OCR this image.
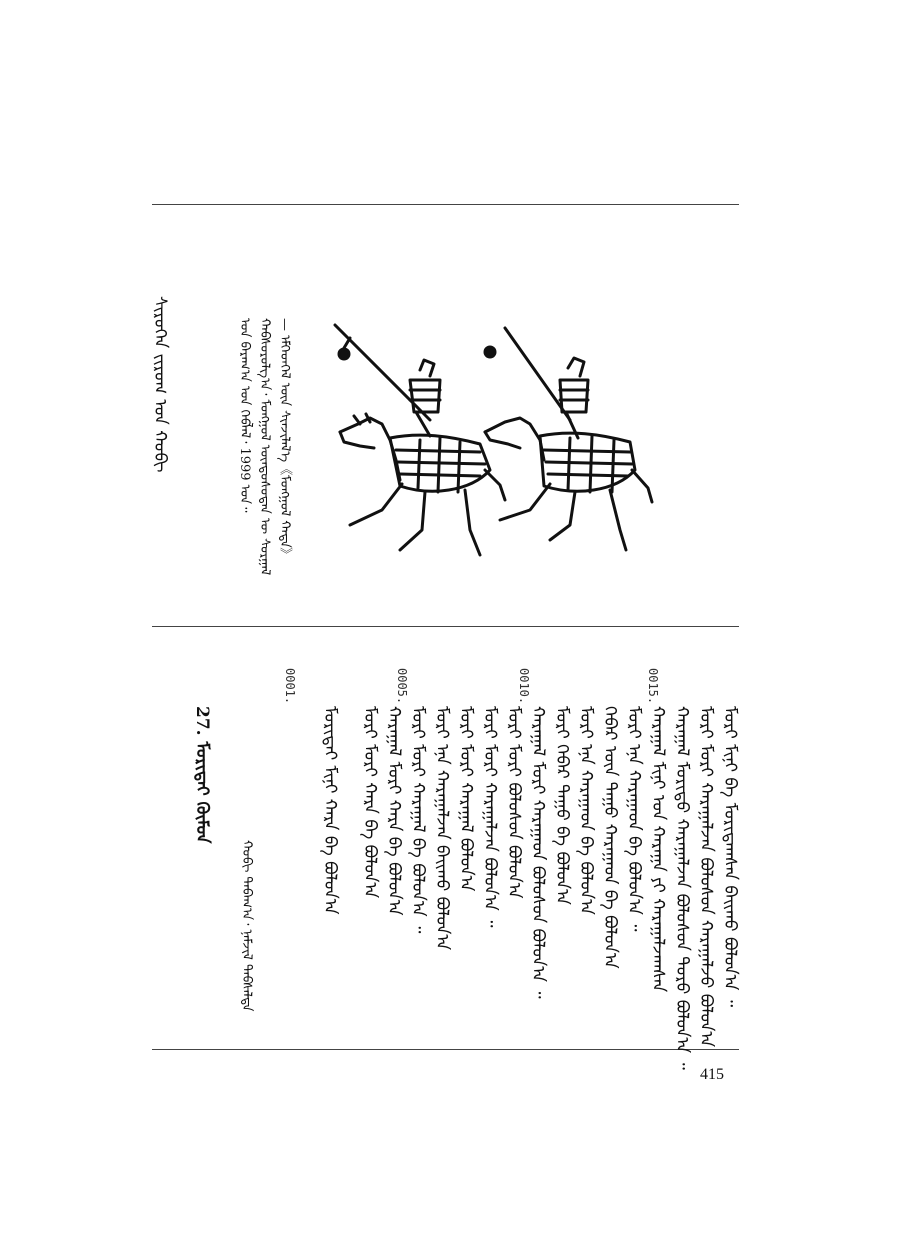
ᠰᠢᠷᠦᠭᠡᠨ ᠵᠢᠷᠤᠭ ᠤᠨ ᠬᠤᠪᠢ	ᠤᠨ ᠪᠠᠷᠠᠭ᠎ᠠ ᠤᠨ ᠬᠡᠪᠯᠡᠯ᠂ 1999 ᠤᠨ᠃ ᠬᠠᠪᠰᠤᠷᠤᠯᠭ᠎ᠠ᠂ ᠮᠣᠩᠭᠣᠯ ᠦᠨᠳᠦᠰᠦᠲᠡᠨ ᠦ ᠰᠤᠷᠭᠠᠯ — ᠡᠮᠬᠡᠳᠬᠡᠯ ᠦᠨ ᠰᠢᠨᠵᠢᠯᠡᠯ᠎ᠡ《ᠮᠣᠩᠭᠣᠯ ᠬᠠᠳᠠ》
0001.	0005.	0010.	0015.
27. ᠮᠣᠷᠢᠲᠠᠢ ᠬᠦᠮᠦᠨ
ᠬᠤᠪᠢ ᠳᠠᠪᠠᠭ᠎ᠠ᠂ ᠨᠠᠮᠵᠢᠯ ᠳᠡᠪᠰᠡᠯᠲᠡ	ᠮᠣᠷᠢ ᠮᠢᠨᠢ ᠪᠠ ᠮᠣᠷᠢᠳᠠᠭᠰᠠᠨ ᠪᠠᠢᠬᠤ ᠪᠣᠯᠣᠨ᠎ᠠ ᠃
ᠮᠣᠷᠢ ᠮᠣᠷᠢ ᠬᠠᠷᠠᠭᠠᠯᠵᠠᠨ ᠪᠣᠯᠣᠰᠤᠨ ᠬᠠᠷᠠᠭᠠᠯᠵᠤ ᠪᠣᠯᠣᠨ᠎ᠠ
ᠬᠠᠷᠠᠭᠠᠯ ᠮᠣᠷᠢᠳᠤ ᠬᠠᠷᠠᠭᠠᠯᠵᠠᠨ ᠪᠣᠯᠣᠰᠤᠨ ᠳᠤᠷᠤ ᠪᠣᠯᠣᠨ᠎ᠠ ᠃
ᠬᠠᠷᠠᠭᠠᠯ ᠮᠢᠨᠢ ᠤᠨ ᠬᠠᠷᠠᠭᠠ ᠶᠢ ᠬᠠᠷᠠᠭᠠᠯᠵᠠᠭᠰᠠᠨ
ᠮᠣᠷᠢ ᠡᠨᠡ ᠬᠠᠷᠠᠭᠠᠳ ᠪᠠ ᠪᠣᠯᠣᠨ᠎ᠠ ᠃
ᠬᠡᠪᠡᠷ ᠦᠨ ᠳᠠᠭᠤ ᠬᠠᠷᠠᠭᠠᠳ ᠪᠠ ᠪᠣᠯᠣᠨ᠎ᠠ
ᠮᠣᠷᠢ ᠡᠨᠡ ᠬᠠᠷᠠᠭᠠᠳ ᠪᠠ ᠪᠣᠯᠣᠨ᠎ᠠ
ᠮᠣᠷᠢ ᠬᠡᠪᠡᠷ ᠳᠠᠭᠤ ᠪᠠ ᠪᠣᠯᠣᠨ᠎ᠠ
ᠬᠠᠷᠠᠭᠠᠯ ᠮᠣᠷᠢ ᠬᠠᠷᠠᠭᠠᠳ ᠪᠣᠯᠣᠰᠤᠨ ᠪᠣᠯᠣᠨ᠎ᠠ ᠃
ᠮᠣᠷᠢ ᠮᠣᠷᠢ ᠪᠣᠯᠣᠰᠤᠨ ᠪᠣᠯᠣᠨ᠎ᠠ
ᠮᠣᠷᠢ ᠮᠣᠷᠢ ᠬᠠᠷᠠᠭᠠᠯᠵᠠᠨ ᠪᠣᠯᠣᠨ᠎ᠠ ᠃
ᠮᠣᠷᠢ ᠮᠣᠷᠢ ᠬᠠᠷᠠᠭᠠᠯ ᠪᠣᠯᠣᠨ᠎ᠠ
ᠮᠣᠷᠢ ᠡᠨᠡ ᠬᠠᠷᠠᠭᠠᠯᠵᠠᠨ ᠪᠠᠢᠬᠤ ᠪᠣᠯᠣᠨ᠎ᠠ
ᠮᠣᠷᠢ ᠮᠣᠷᠢ ᠬᠠᠷᠠᠭᠠᠯ ᠪᠠ ᠪᠣᠯᠣᠨ᠎ᠠ ᠃
ᠬᠠᠷᠠᠭᠠᠯ ᠮᠣᠷᠢ ᠬᠠᠷᠠ ᠪᠠ ᠪᠣᠯᠣᠨ᠎ᠠ
ᠮᠣᠷᠢ ᠮᠣᠷᠢ ᠬᠠᠷᠠ ᠪᠠ ᠪᠣᠯᠣᠨ᠎ᠠ
ᠮᠣᠷᠢᠲᠠᠢ ᠮᠢᠨᠢ ᠬᠠᠷᠠ ᠪᠠ ᠪᠣᠯᠣᠨ᠎ᠠ
415
